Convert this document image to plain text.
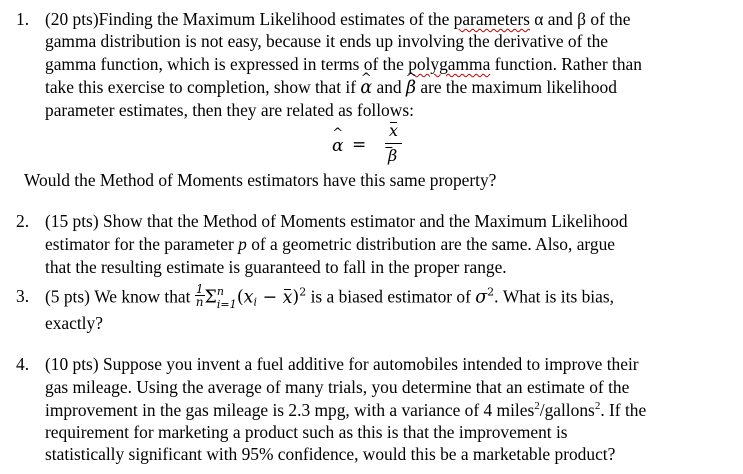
1. (20 pts)Finding the Maximum Likelihood estimates of the parameters α and β of the
gamma distribution is not easy, because it ends up involving the derivative of the
gamma function, which is expressed in terms of the polygamma function. Rather than
take this exercise to completion, show that if ^ α and ^ β are the maximum likelihood
parameter estimates, then they are related as follows:
^ α =
x
β
Would the Method of Moments estimators have this same property?
2. (15 pts) Show that the Method of Moments estimator and the Maximum Likelihood
estimator for the parameter p of a geometric distribution are the same. Also, argue
that the resulting estimate is guaranteed to fall in the proper range.
3. (5 pts) We know that $\frac{1}{n}$ Σ n
i=1 $(x_i - x)^2$ is a biased estimator of $\sigma^2$. What is its bias,
exactly?
4. (10 pts) Suppose you invent a fuel additive for automobiles intended to improve their
gas mileage. Using the average of many trials, you determine that an estimate of the
improvement in the gas mileage is 2.3 mpg, with a variance of 4 miles$^2$/gallons$^2$. If the
requirement for marketing a product such as this is that the improvement is
statistically significant with 95% confidence, would this be a marketable product?
